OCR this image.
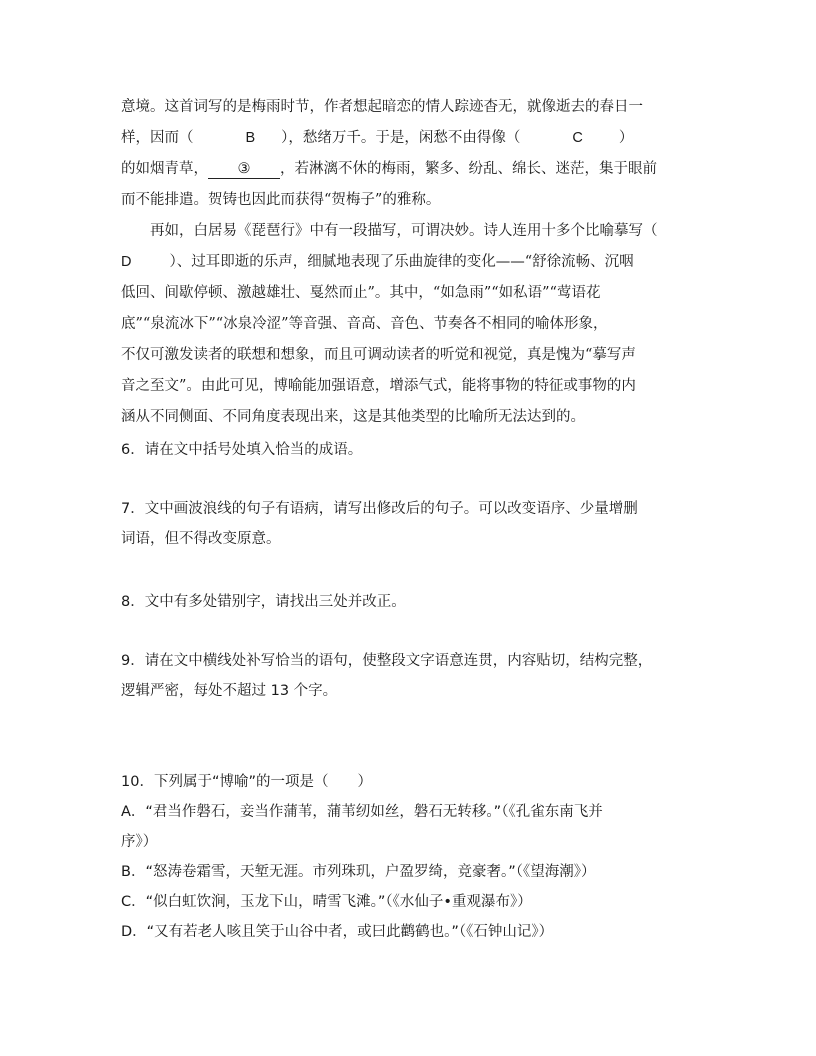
意境。这首词写的是梅雨时节，作者想起暗恋的情人踪迹杳无，就像逝去的春日一
样，因而（	B ），愁绪万千。于是，闲愁不由得像（	C ）
的如烟青草， ③ ，若淋漓不休的梅雨，繁多、纷乱、绵长、迷茫，集于眼前
而不能排遣。贺铸也因此而获得“贺梅子”的雅称。
再如，白居易《琵琶行》中有一段描写，可谓决妙。诗人连用十多个比喻摹写（
D	）、过耳即逝的乐声，细腻地表现了乐曲旋律的变化——“舒徐流畅、沉咽
低回、间歇停顿、激越雄壮、戛然而止”。其中，“如急雨”“如私语”“莺语花
底”“泉流冰下”“冰泉冷涩”等音强、音高、音色、节奏各不相同的喻体形象，
不仅可激发读者的联想和想象，而且可调动读者的听觉和视觉，真是愧为“摹写声
音之至文”。由此可见，博喻能加强语意，增添气式，能将事物的特征或事物的内
涵从不同侧面、不同角度表现出来，这是其他类型的比喻所无法达到的。
6．请在文中括号处填入恰当的成语。
7．文中画波浪线的句子有语病，请写出修改后的句子。可以改变语序、少量增删
词语，但不得改变原意。
8．文中有多处错别字，请找出三处并改正。
9．请在文中横线处补写恰当的语句，使整段文字语意连贯，内容贴切，结构完整，
逻辑严密，每处不超过 13 个字。
10．下列属于“博喻”的一项是（　　）
A．“君当作磐石，妾当作蒲苇，蒲苇纫如丝，磐石无转移。”（《孔雀东南飞并
序》）
B．“怒涛卷霜雪，天堑无涯。市列珠玑，户盈罗绮，竞豪奢。”（《望海潮》）
C．“似白虹饮涧，玉龙下山，晴雪飞滩。”（《水仙子•重观瀑布》）
D．“又有若老人咳且笑于山谷中者，或曰此鹳鹤也。”（《石钟山记》）
